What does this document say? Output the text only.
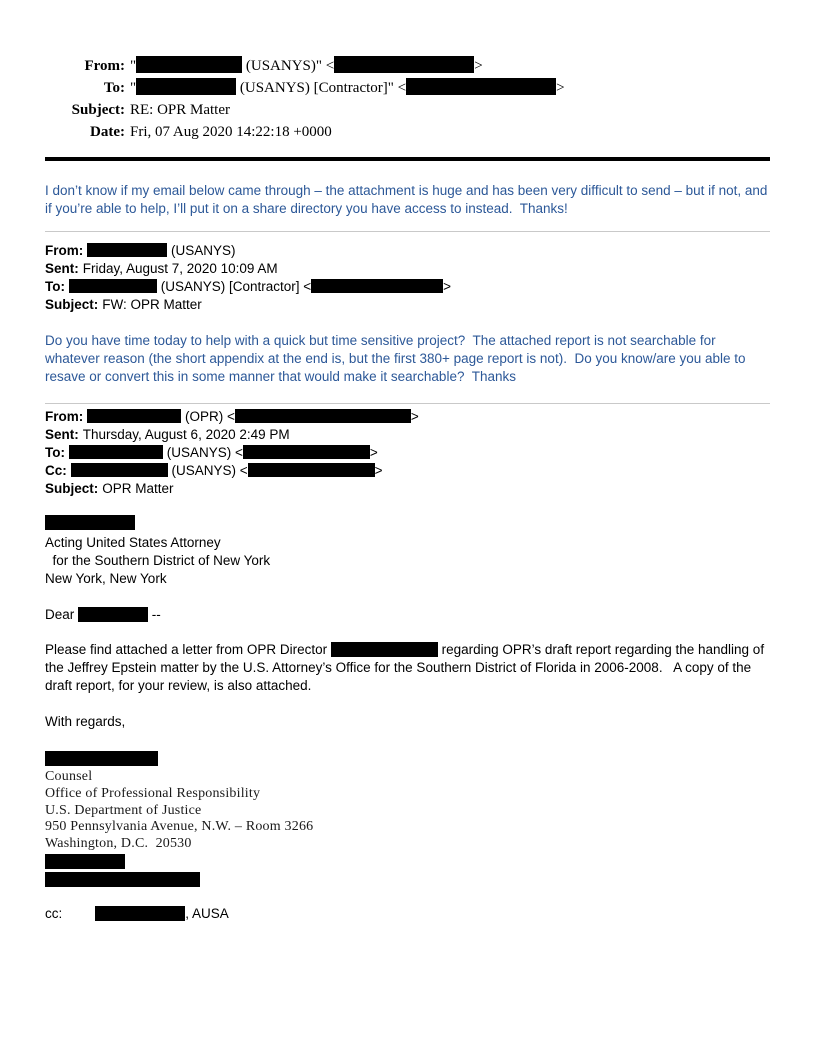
From: "	(USANYS)" <	>
To: "	(USANYS) [Contractor]" <	>
Subject: RE: OPR Matter
Date: Fri, 07 Aug 2020 14:22:18 +0000

I don’t know if my email below came through – the attachment is huge and has been very difficult to send – but if not, and if you’re able to help, I’ll put it on a share directory you have access to instead.  Thanks!

From:	(USANYS)
Sent: Friday, August 7, 2020 10:09 AM
To:	(USANYS) [Contractor] <	>
Subject: FW: OPR Matter

Do you have time today to help with a quick but time sensitive project?  The attached report is not searchable for whatever reason (the short appendix at the end is, but the first 380+ page report is not).  Do you know/are you able to resave or convert this in some manner that would make it searchable?  Thanks

From:	(OPR) <	>
Sent: Thursday, August 6, 2020 2:49 PM
To:	(USANYS) <	>
Cc:	(USANYS) <	>
Subject: OPR Matter
Acting United States Attorney
for the Southern District of New York
New York, New York
Dear	--

Please find attached a letter from OPR Director	regarding OPR’s draft report regarding the handling of the Jeffrey Epstein matter by the U.S. Attorney’s Office for the Southern District of Florida in 2006-2008.   A copy of the draft report, for your review, is also attached.

With regards,
Counsel
Office of Professional Responsibility
U.S. Department of Justice
950 Pennsylvania Avenue, N.W. – Room 3266
Washington, D.C.  20530
cc:	, AUSA
